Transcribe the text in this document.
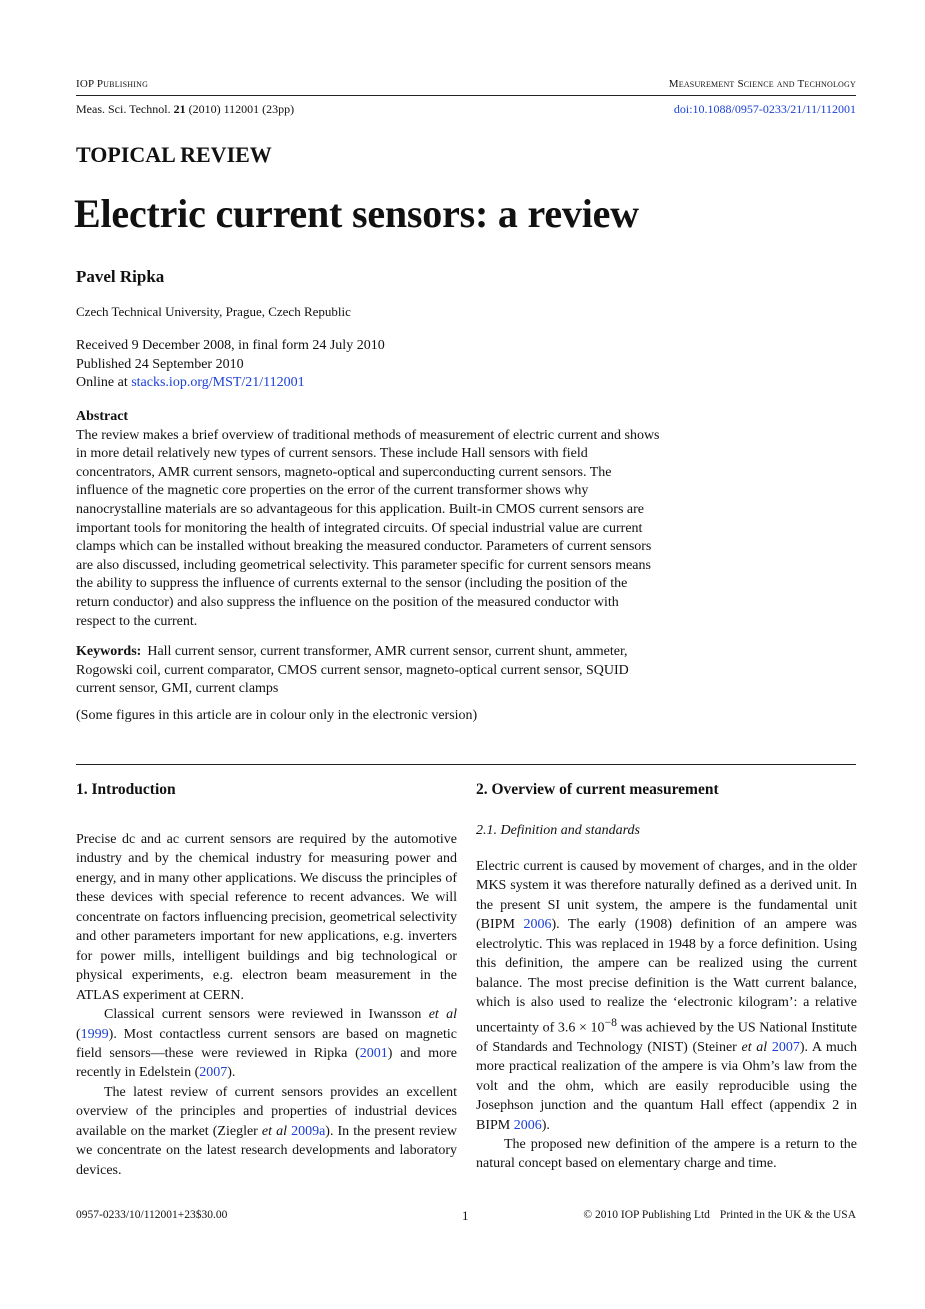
IOP Publishing	Measurement Science and Technology
Meas. Sci. Technol. 21 (2010) 112001 (23pp)	doi:10.1088/0957-0233/21/11/112001
TOPICAL REVIEW
Electric current sensors: a review
Pavel Ripka
Czech Technical University, Prague, Czech Republic
Received 9 December 2008, in final form 24 July 2010
Published 24 September 2010
Online at stacks.iop.org/MST/21/112001
Abstract
The review makes a brief overview of traditional methods of measurement of electric current and shows in more detail relatively new types of current sensors. These include Hall sensors with field concentrators, AMR current sensors, magneto-optical and superconducting current sensors. The influence of the magnetic core properties on the error of the current transformer shows why nanocrystalline materials are so advantageous for this application. Built-in CMOS current sensors are important tools for monitoring the health of integrated circuits. Of special industrial value are current clamps which can be installed without breaking the measured conductor. Parameters of current sensors are also discussed, including geometrical selectivity. This parameter specific for current sensors means the ability to suppress the influence of currents external to the sensor (including the position of the return conductor) and also suppress the influence on the position of the measured conductor with respect to the current.
Keywords: Hall current sensor, current transformer, AMR current sensor, current shunt, ammeter, Rogowski coil, current comparator, CMOS current sensor, magneto-optical current sensor, SQUID current sensor, GMI, current clamps
(Some figures in this article are in colour only in the electronic version)
1. Introduction

Precise dc and ac current sensors are required by the automotive industry and by the chemical industry for measuring power and energy, and in many other applications. We discuss the principles of these devices with special reference to recent advances. We will concentrate on factors influencing precision, geometrical selectivity and other parameters important for new applications, e.g. inverters for power mills, intelligent buildings and big technological or physical experiments, e.g. electron beam measurement in the ATLAS experiment at CERN.

Classical current sensors were reviewed in Iwansson et al (1999). Most contactless current sensors are based on magnetic field sensors—these were reviewed in Ripka (2001) and more recently in Edelstein (2007).

The latest review of current sensors provides an excellent overview of the principles and properties of industrial devices available on the market (Ziegler et al 2009a). In the present review we concentrate on the latest research developments and laboratory devices.

2. Overview of current measurement
2.1. Definition and standards

Electric current is caused by movement of charges, and in the older MKS system it was therefore naturally defined as a derived unit. In the present SI unit system, the ampere is the fundamental unit (BIPM 2006). The early (1908) definition of an ampere was electrolytic. This was replaced in 1948 by a force definition. Using this definition, the ampere can be realized using the current balance. The most precise definition is the Watt current balance, which is also used to realize the ‘electronic kilogram’: a relative uncertainty of $3.6 \times 10^{-8}$ was achieved by the US National Institute of Standards and Technology (NIST) (Steiner et al 2007). A much more practical realization of the ampere is via Ohm’s law from the volt and the ohm, which are easily reproducible using the Josephson junction and the quantum Hall effect (appendix 2 in BIPM 2006).

The proposed new definition of the ampere is a return to the natural concept based on elementary charge and time.

0957-0233/10/112001+23$30.00	1	© 2010 IOP Publishing Ltd Printed in the UK & the USA
